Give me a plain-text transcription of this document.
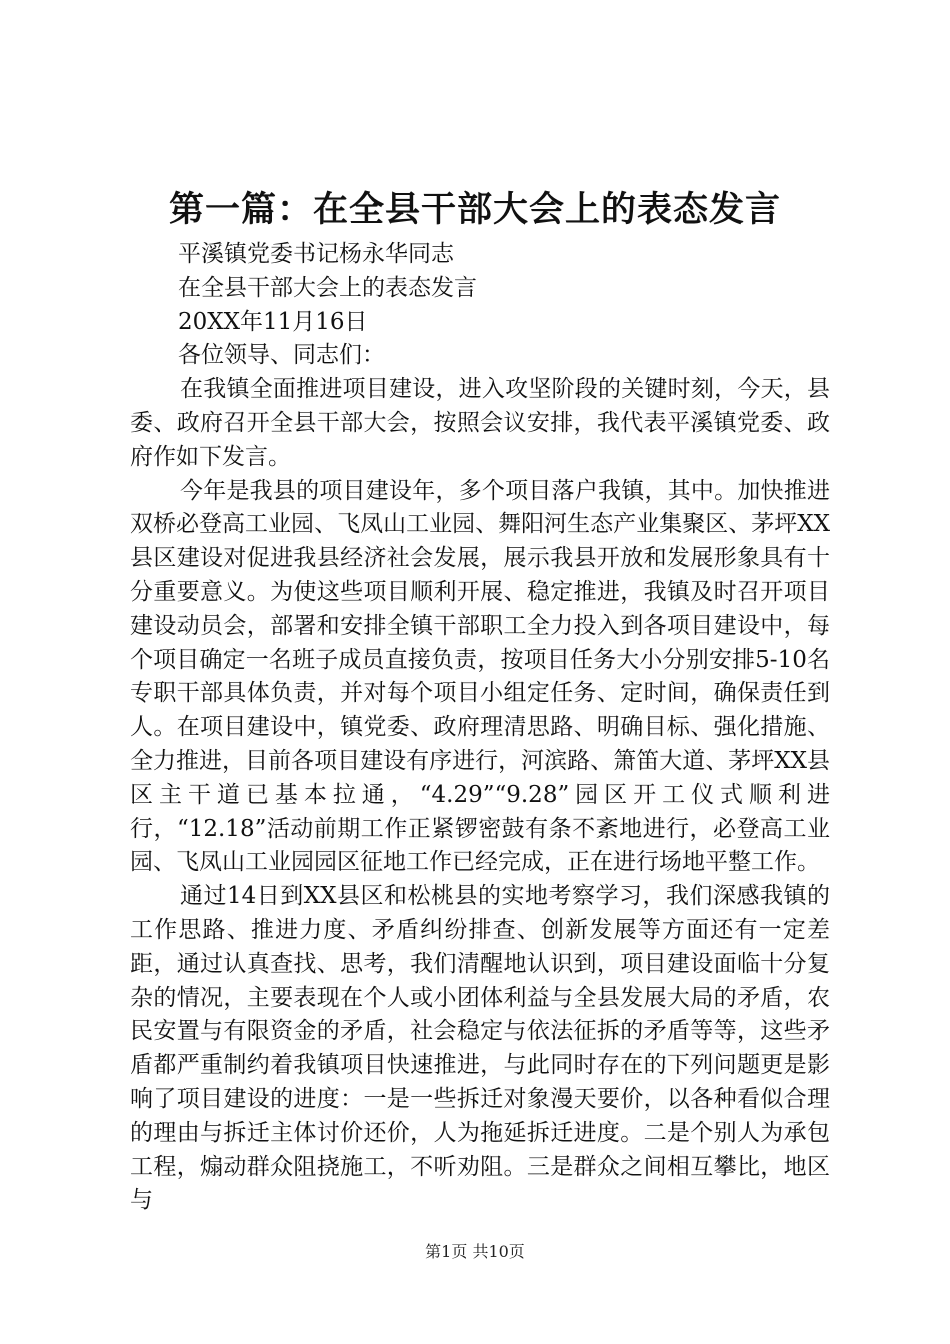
第一篇：在全县干部大会上的表态发言

平溪镇党委书记杨永华同志

在全县干部大会上的表态发言

20XX年11月16日

各位领导、同志们：

在我镇全面推进项目建设，进入攻坚阶段的关键时刻，今天，县委、政府召开全县干部大会，按照会议安排，我代表平溪镇党委、政府作如下发言。

今年是我县的项目建设年，多个项目落户我镇，其中。加快推进双桥必登高工业园、飞凤山工业园、舞阳河生态产业集聚区、茅坪XX县区建设对促进我县经济社会发展，展示我县开放和发展形象具有十分重要意义。为使这些项目顺利开展、稳定推进，我镇及时召开项目建设动员会，部署和安排全镇干部职工全力投入到各项目建设中，每个项目确定一名班子成员直接负责，按项目任务大小分别安排5-10名专职干部具体负责，并对每个项目小组定任务、定时间，确保责任到人。在项目建设中，镇党委、政府理清思路、明确目标、强化措施、全力推进，目前各项目建设有序进行，河滨路、箫笛大道、茅坪XX县区主干道已基本拉通，“4.29”“9.28”园区开工仪式顺利进行，“12.18”活动前期工作正紧锣密鼓有条不紊地进行，必登高工业园、飞凤山工业园园区征地工作已经完成，正在进行场地平整工作。

通过14日到XX县区和松桃县的实地考察学习，我们深感我镇的工作思路、推进力度、矛盾纠纷排查、创新发展等方面还有一定差距，通过认真查找、思考，我们清醒地认识到，项目建设面临十分复杂的情况，主要表现在个人或小团体利益与全县发展大局的矛盾，农民安置与有限资金的矛盾，社会稳定与依法征拆的矛盾等等，这些矛盾都严重制约着我镇项目快速推进，与此同时存在的下列问题更是影响了项目建设的进度：一是一些拆迁对象漫天要价，以各种看似合理的理由与拆迁主体讨价还价，人为拖延拆迁进度。二是个别人为承包工程，煽动群众阻挠施工，不听劝阻。三是群众之间相互攀比，地区与

第1页 共10页
